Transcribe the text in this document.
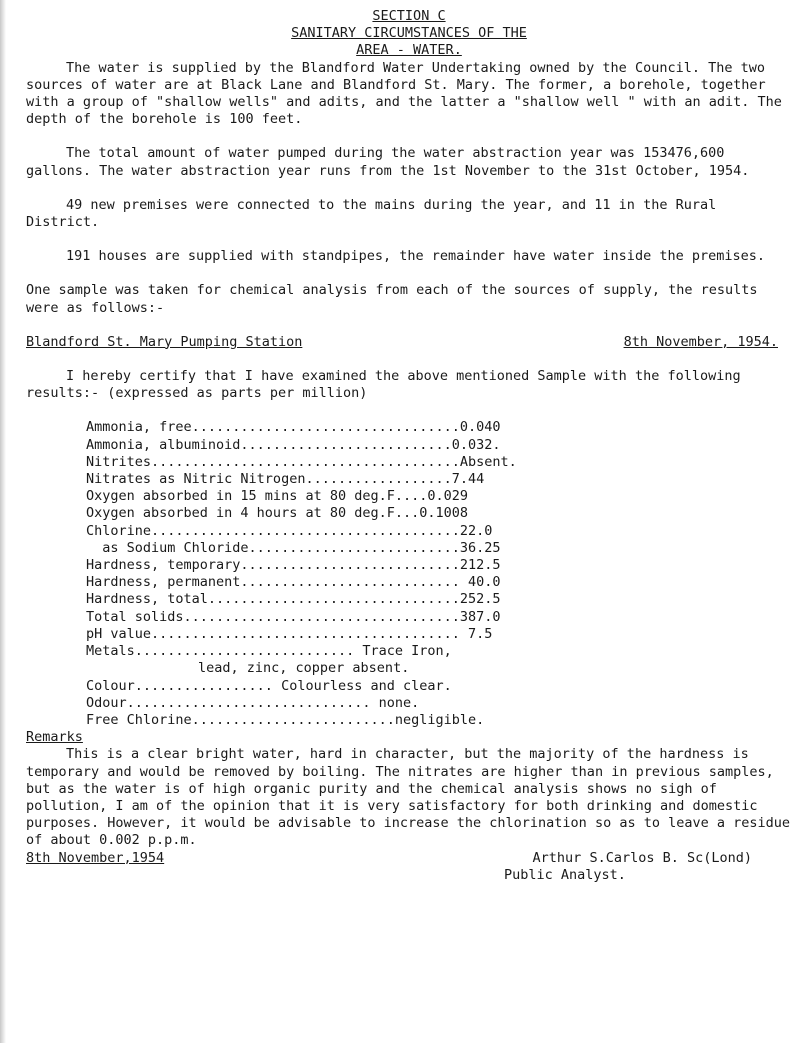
SECTION C
SANITARY CIRCUMSTANCES OF THE
AREA - WATER.

The water is supplied by the Blandford Water Undertaking owned by the Council. The two sources of water are at Black Lane and Blandford St. Mary. The former, a borehole, together with a group of "shallow wells" and adits, and the latter a "shallow well " with an adit. The depth of the borehole is 100 feet.

The total amount of water pumped during the water abstraction year was 153476,600 gallons. The water abstraction year runs from the 1st November to the 31st October, 1954.

49 new premises were connected to the mains during the year, and 11 in the Rural District.

191 houses are supplied with standpipes, the remainder have water inside the premises.

One sample was taken for chemical analysis from each of the sources of supply, the results were as follows:-

Blandford St. Mary Pumping Station	8th November, 1954.

I hereby certify that I have examined the above mentioned Sample with the following results:- (expressed as parts per million)

Ammonia, free.................................0.040
Ammonia, albuminoid..........................0.032.
Nitrites......................................Absent.
Nitrates as Nitric Nitrogen..................7.44
Oxygen absorbed in 15 mins at 80 deg.F....0.029
Oxygen absorbed in 4 hours at 80 deg.F...0.1008
Chlorine......................................22.0
as Sodium Chloride..........................36.25
Hardness, temporary...........................212.5
Hardness, permanent........................... 40.0
Hardness, total...............................252.5
Total solids..................................387.0
pH value...................................... 7.5
Metals........................... Trace Iron,
lead, zinc, copper absent.
Colour................. Colourless and clear.
Odour.............................. none.
Free Chlorine.........................negligible.
Remarks

This is a clear bright water, hard in character, but the majority of the hardness is temporary and would be removed by boiling. The nitrates are higher than in previous samples, but as the water is of high organic purity and the chemical analysis shows no sigh of pollution, I am of the opinion that it is very satisfactory for both drinking and domestic purposes. However, it would be advisable to increase the chlorination so as to leave a residue of about 0.002 p.p.m.

8th November,1954	Arthur S.Carlos B. Sc(Lond)
Public Analyst.
